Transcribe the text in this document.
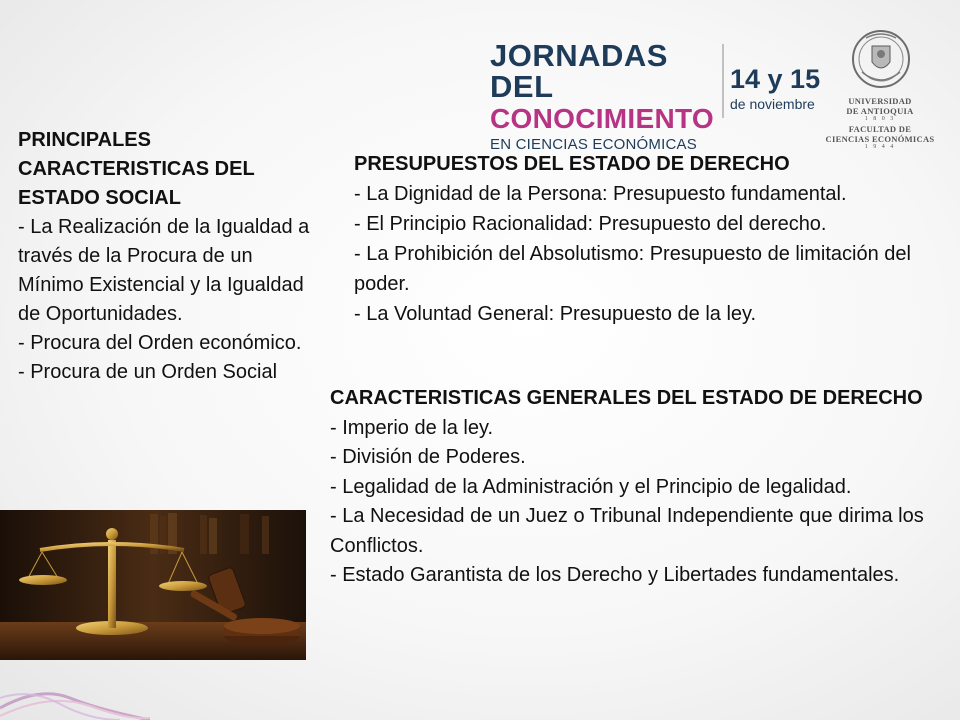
JORNADAS DEL
CONOCIMIENTO
EN CIENCIAS ECONÓMICAS
14 y 15
de noviembre	UNIVERSIDAD
DE ANTIOQUIA
1 8 0 3
FACULTAD DE
CIENCIAS ECONÓMICAS
1 9 4 4

PRINCIPALES CARACTERISTICAS DEL ESTADO SOCIAL

- La Realización de la Igualdad a través de la Procura de un Mínimo Existencial y la Igualdad de Oportunidades.

- Procura del Orden económico.

- Procura de un Orden Social

PRESUPUESTOS DEL ESTADO DE DERECHO

- La Dignidad de la Persona: Presupuesto fundamental.

- El Principio Racionalidad: Presupuesto del derecho.

- La Prohibición del Absolutismo: Presupuesto de limitación del poder.

- La Voluntad General: Presupuesto de la ley.

CARACTERISTICAS GENERALES DEL ESTADO DE DERECHO

- Imperio de la ley.

- División de Poderes.

- Legalidad de la Administración y el Principio de legalidad.

- La Necesidad de un Juez o Tribunal Independiente que dirima los Conflictos.

- Estado Garantista de los Derecho y Libertades fundamentales.
